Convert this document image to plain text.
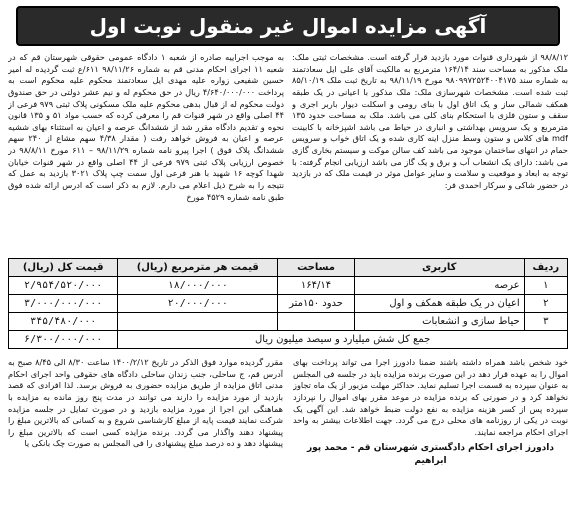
آگهی مزایده اموال غیر منقول نوبت اول
به موجب اجراییه صادره از شعبه ۱ دادگاه عمومی حقوقی شهرستان قم که در شعبه ۱۱ اجرای احکام مدنی قم به شماره ۹۸/۱۱/۲۶ ۶۱۱/ع ثبت گردیده له امیر حسین شفیعی زواره علیه مهدی ایل سعادتمند محکوم علیه محکوم است به پرداخت ۴/۶۴۰/۰۰۰/۰۰۰ ریال در حق محکوم له و نیم عشر دولتی در حق صندوق دولت محکوم له از قبال بدهی محکوم علیه ملک مسکونی پلاک ثبتی ۹۷۹ فرعی از ۴۴ اصلی واقع در شهر قنوات قم را معرفی کرده که حسب مواد ۵۱ و ۱۳۵ قانون نحوه و تقدیم دادگاه مقرر شد از ششدانگ عرصه و اعیان به استثناء بهای ششیه عرصه و اعیان به فروش خواهد رفت ( مقدار ۴/۳۸ سهم مشاع از ۲۴۰ سهم ششدانگ پلاک فوق ) اجرا پیرو نامه شماره ۹۸/۱۱/۲۹ – ۶۱۱ مورخ ۹۸/۸/۱۱ در خصوص ارزیابی پلاک ثبتی ۹۷۹ فرعی از ۴۴ اصلی واقع در شهر قنوات خیابان شهدا کوچه ۱۶ شهید با هنر فرعی اول سمت چپ پلاک ۳۰۲۱ بازدید به عمل که نتیجه را به شرح ذیل اعلام می دارم. لازم به ذکر است که ادرس ارائه شده فوق طبق نامه شماره ۴۵۲۹ مورخ
۹۸/۸/۱۲ از شهرداری قنوات مورد بازدید قرار گرفته است. مشخصات ثبتی ملک: ملک مذکور به مساحت سند ۱۶۴/۱۴ مترمربع به مالکیت آقای علی ایل سعادتمند به شماره سند ۹۸۰۹۹۷۲۵۲۴۰۰۴۱۷۵ مورخ ۹۸/۱۱/۱۹ به تاریخ ثبت ملک ۸۵/۱۰/۱۹ ثبت شده است. مشخصات شهرسازی ملک: ملک مذکور با اعیانی در یک طبقه همکف شمالی ساز و یک اتاق اول با بنای رومی و اسکلت دیوار باربر اجری و سقف و ستون فلزی با استحکام بنای کلی می باشد. ملک به مساحت حدود ۱۳۵ مترمربع و یک سرویس بهداشتی و انباری در حیاط می باشد اشپزخانه با کابینت mdf های کلاس و ستون وسط منزل اینه کاری شده و یک اتاق خواب و سرویس حمام در انتهای ساختمان موجود می باشد کف سالن موکت و سیستم بخاری گازی می باشد: دارای یک انشعاب آب و برق و یک گاز می باشد ارزیابی انجام گرفته: با توجه به ابعاد و موقعیت و سلامت و سایر عوامل موثر در قیمت ملک که در بازدید در حضور شاکی و سرکار احمدی فر:
ردیف	کاربری	مساحت	قیمت هر مترمربع (ریال)	قیمت کل (ریال)
۱	عرصه	۱۶۴/۱۴	۱۸/۰۰۰/۰۰۰	۲/۹۵۴/۵۲۰/۰۰۰
۲	اعیان در یک طبقه همکف و اول	حدود ۱۵۰متر	۲۰/۰۰۰/۰۰۰	۳/۰۰۰/۰۰۰/۰۰۰
۳	حیاط سازی و انشعابات			۳۴۵/۴۸۰/۰۰۰
جمع کل شش میلیارد و سیصد میلیون ریال				۶/۳۰۰/۰۰۰/۰۰۰
مقرر گردیده موارد فوق الذکر در تاریخ ۱۴۰۰/۲/۱۲ ساعت ۸/۳۰ الی ۸/۴۵ صبح به آدرس قم، ج ساحلی، جنب زندان ساحلی دادگاه های حقوقی واحد اجرای احکام مدنی اتاق مزایده از طریق مزایده حضوری به فروش برسد. لذا افرادی که قصد بازدید از مورد مزایده را دارند می توانند در مدت پنج روز مانده به مزایده با هماهنگی این اجرا از مورد مزایده بازدید و در صورت تمایل در جلسه مزایده شرکت نمایند قیمت پایه از مبلغ کارشناسی شروع و به کسانی که بالاترین مبلغ را پیشنهاد دهند واگذار می گردد. برنده مزایده کسی است که بالاترین مبلغ را پیشنهاد دهد و ده درصد مبلغ پیشنهادی را فی المجلس به صورت چک بانکی یا
خود شخص باشد همراه داشته باشند ضمنا دادورز اجرا می تواند پرداخت بهای اموال را به عهده قرار دهد در این صورت برنده مزایده باید در جلسه فی المجلس به عنوان سپرده به قسمت اجرا تسلیم نماید. حداکثر مهلت مزبور از یک ماه تجاوز نخواهد کرد و در صورتی که برنده مزایده در موعد مقرر بهای اموال را نپردازد سپرده پس از کسر هزینه مزایده به نفع دولت ضبط خواهد شد. این آگهی یک نوبت در یکی از روزنامه های محلی درج می گردد. جهت اطلاعات بیشتر به واحد اجرای احکام مراجعه نمایند.
دادورز اجرای احکام دادگستری شهرستان قم - محمد پور ابراهیم
